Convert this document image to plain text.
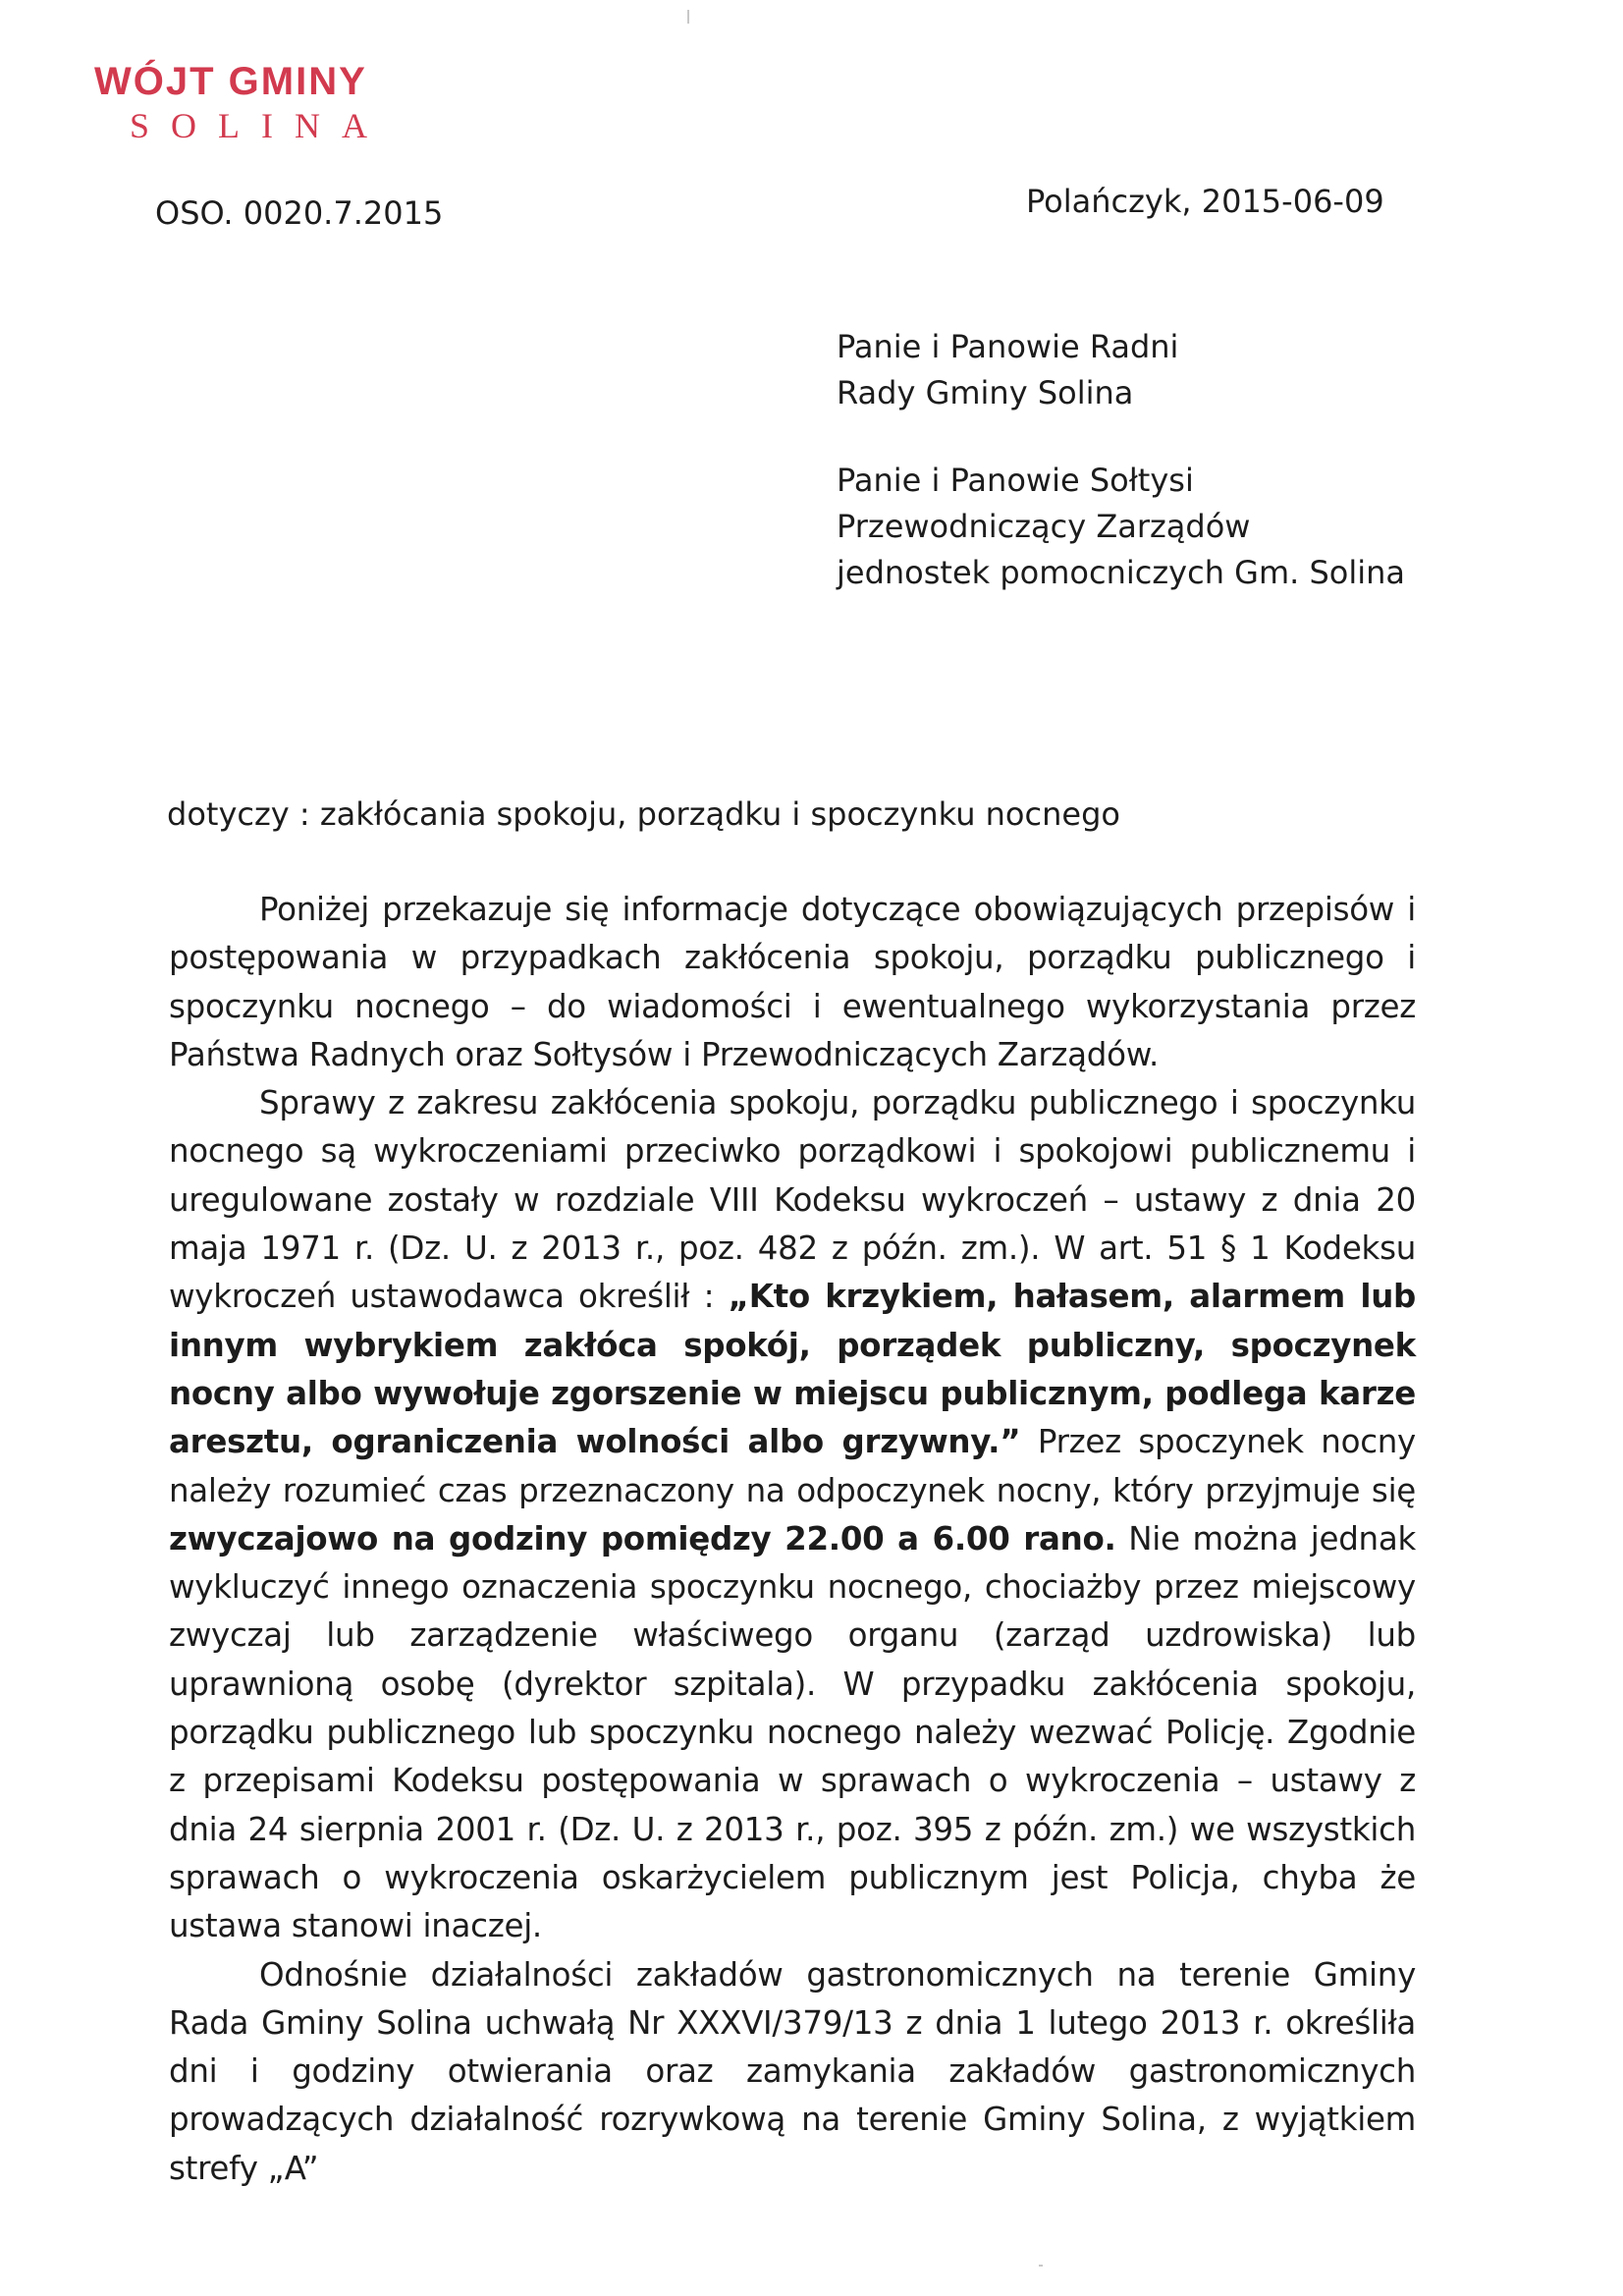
WÓJT GMINY
SOLINA
OSO. 0020.7.2015	Polańczyk, 2015-06-09
Panie i Panowie Radni
Rady Gminy Solina
Panie i Panowie Sołtysi
Przewodniczący Zarządów
jednostek pomocniczych Gm. Solina
dotyczy : zakłócania spokoju, porządku i spoczynku nocnego

Poniżej przekazuje się informacje dotyczące obowiązujących przepisów i postępowania w przypadkach zakłócenia spokoju, porządku publicznego i spoczynku nocnego – do wiadomości i ewentualnego wykorzystania przez Państwa Radnych oraz Sołtysów i Przewodniczących Zarządów.

Sprawy z zakresu zakłócenia spokoju, porządku publicznego i spoczynku nocnego są wykroczeniami przeciwko porządkowi i spokojowi publicznemu i uregulowane zostały w rozdziale VIII Kodeksu wykroczeń – ustawy z dnia 20 maja 1971 r. (Dz. U. z 2013 r., poz. 482 z późn. zm.). W art. 51 § 1 Kodeksu wykroczeń ustawodawca określił : „Kto krzykiem, hałasem, alarmem lub innym wybrykiem zakłóca spokój, porządek publiczny, spoczynek nocny albo wywołuje zgorszenie w miejscu publicznym, podlega karze aresztu, ograniczenia wolności albo grzywny.” Przez spoczynek nocny należy rozumieć czas przeznaczony na odpoczynek nocny, który przyjmuje się zwyczajowo na godziny pomiędzy 22.00 a 6.00 rano. Nie można jednak wykluczyć innego oznaczenia spoczynku nocnego, chociażby przez miejscowy zwyczaj lub zarządzenie właściwego organu (zarząd uzdrowiska) lub uprawnioną osobę (dyrektor szpitala). W przypadku zakłócenia spokoju, porządku publicznego lub spoczynku nocnego należy wezwać Policję. Zgodnie z przepisami Kodeksu postępowania w sprawach o wykroczenia – ustawy z dnia 24 sierpnia 2001 r. (Dz. U. z 2013 r., poz. 395 z późn. zm.) we wszystkich sprawach o wykroczenia oskarżycielem publicznym jest Policja, chyba że ustawa stanowi inaczej.

Odnośnie działalności zakładów gastronomicznych na terenie Gminy Rada Gminy Solina uchwałą Nr XXXVI/379/13 z dnia 1 lutego 2013 r. określiła dni i godziny otwierania oraz zamykania zakładów gastronomicznych prowadzących działalność rozrywkową na terenie Gminy Solina, z wyjątkiem strefy „A”
